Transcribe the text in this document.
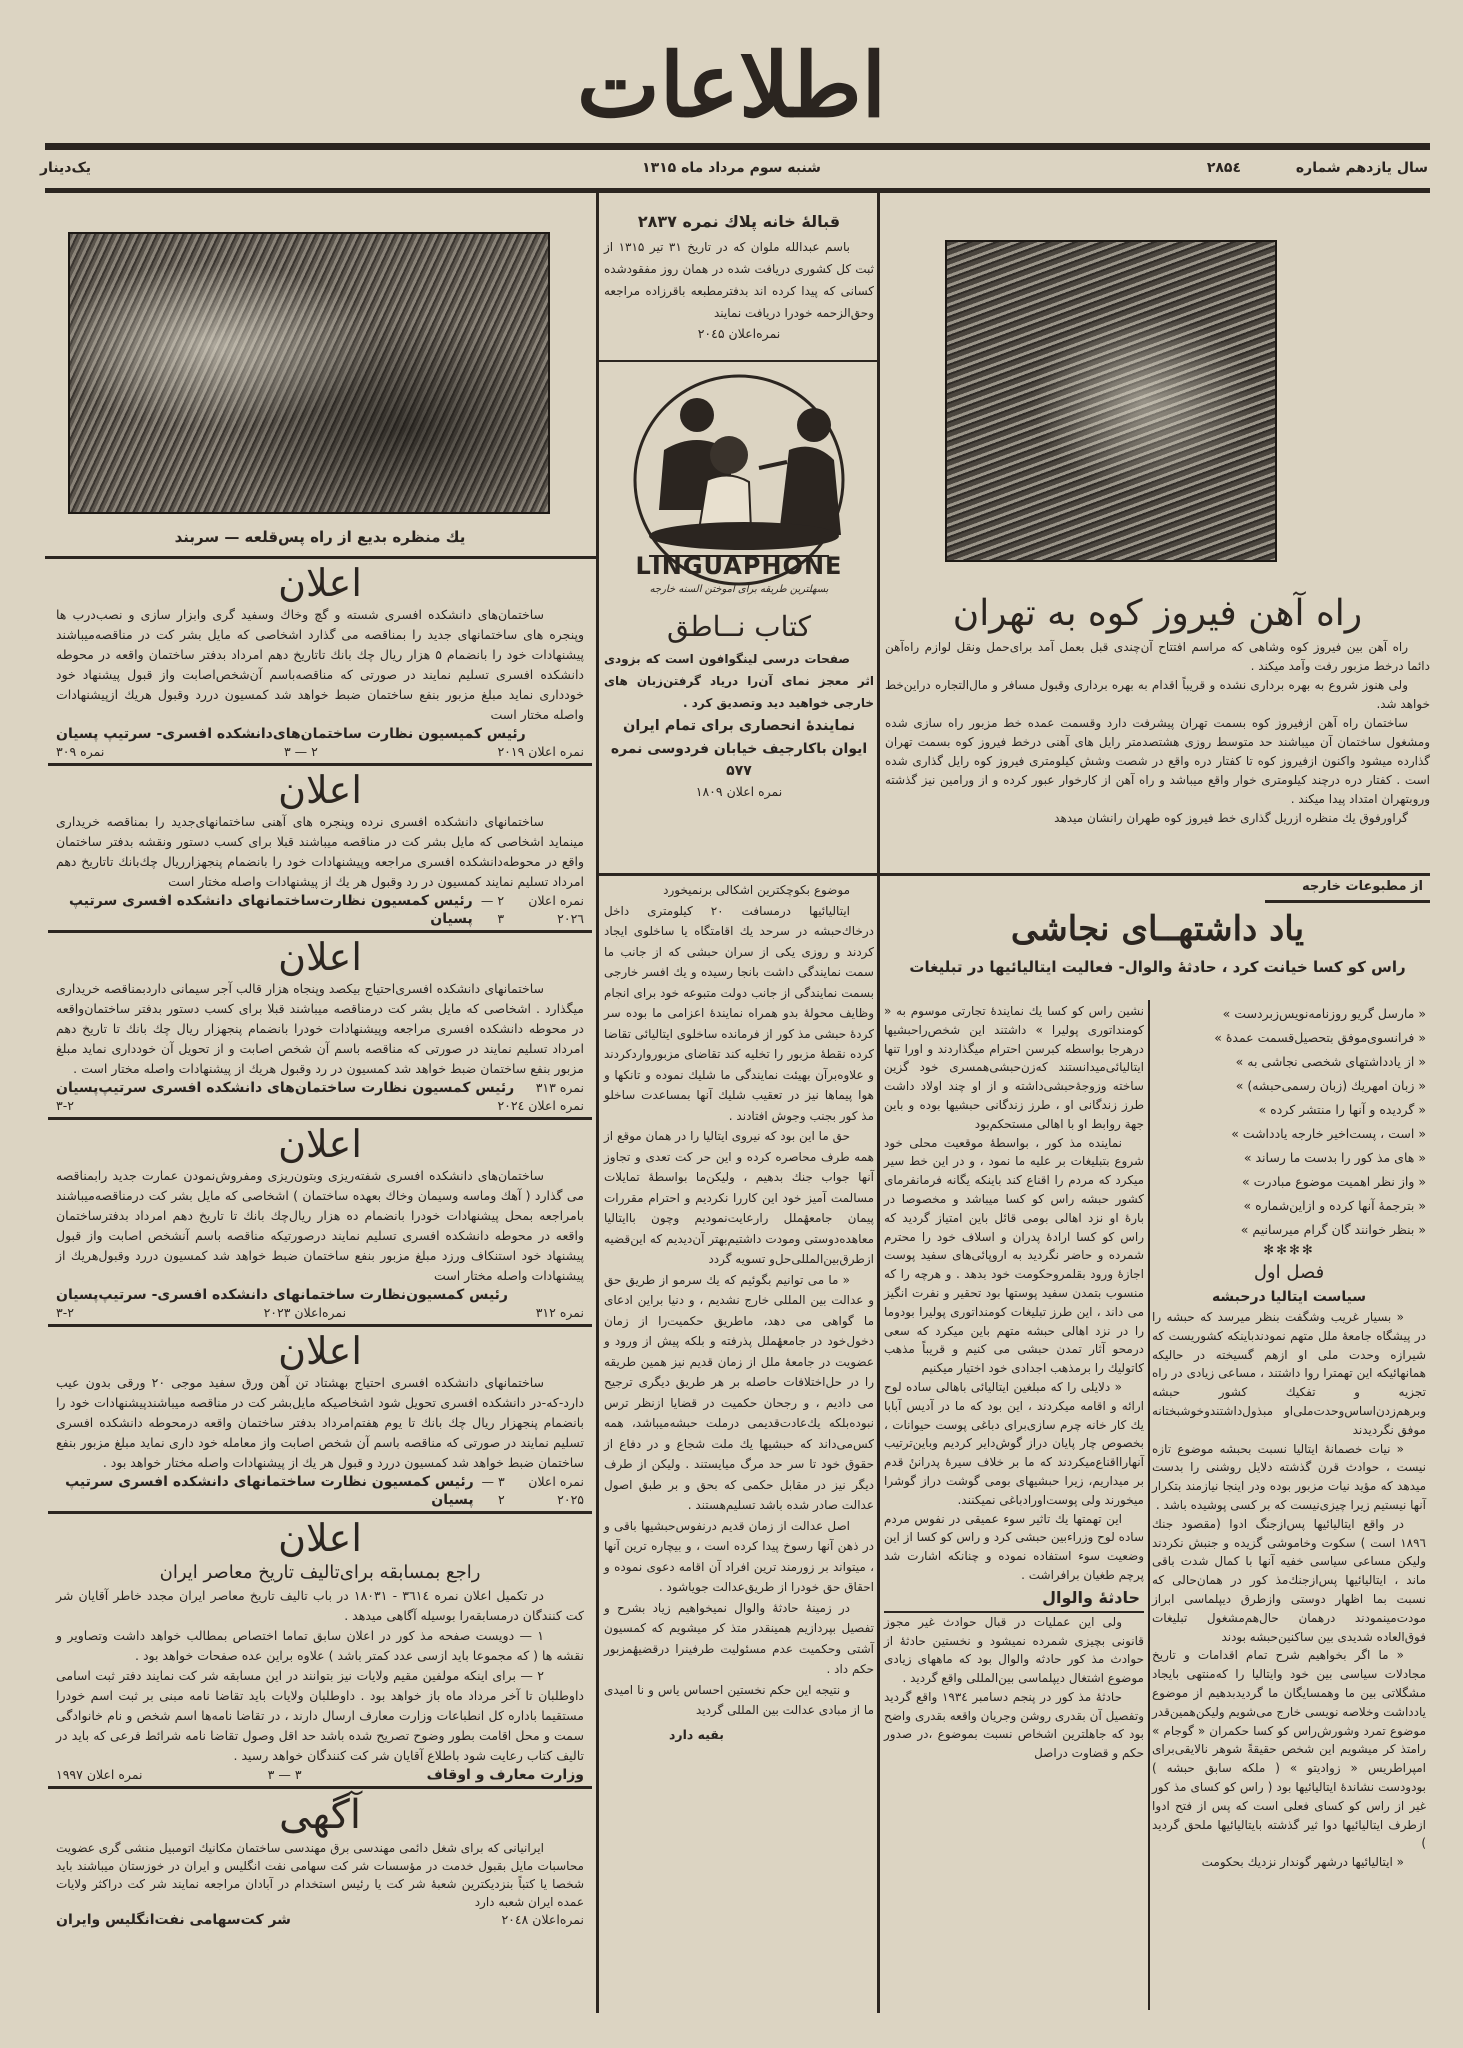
اطلاعات
سال یازدهم شماره ۲۸۵٤
شنبه سوم مرداد ماه ۱۳۱۵
یک‌دینار
یك منظره بدیع از راه پس‌قلعه — سربند
اعلان
ساختمان‌های دانشکده افسری شسته و گچ وخاك وسفید گری وابزار سازی و نصب‌درب ها وپنجره های ساختمانهای جدید را بمناقصه می گذارد اشخاصی که مایل بشر کت در مناقصه‌میباشند پیشنهادات خود را بانضمام ۵ هزار ریال چك بانك تاتاریخ دهم امرداد بدفتر ساختمان واقعه در محوطه دانشکده افسری تسلیم نمایند در صورتی که مناقصه‌باسم آن‌شخص‌اصابت واز قبول پیشنهاد خود خودداری نماید مبلغ مزبور بنفع ساختمان ضبط خواهد شد کمسیون دررد وقبول هریك ازپیشنهادات واصله مختار است
رئیس کمیسیون نظارت ساختمان‌های‌دانشکده افسری- سرتیپ پسیان
نمره اعلان ۲۰۱۹
۲ — ۳
نمره ۳۰۹
اعلان
ساختمانهای دانشکده افسری نرده وپنجره های آهنی ساختمانهای‌جدید را بمناقصه خریداری مینماید اشخاصی که مایل بشر کت در مناقصه میباشند قبلا برای کسب دستور ونقشه بدفتر ساختمان واقع در محوطه‌دانشکده افسری مراجعه وپیشنهادات خود را بانضمام پنجهزارریال چك‌بانك تاتاریخ دهم امرداد تسلیم نمایند کمسیون در رد وقبول هر یك از پیشنهادات واصله مختار است
نمره اعلان ۲۰۲٦
۲ — ۳
رئیس کمسیون نظارت‌ساختمانهای دانشکده افسری سرتیپ پسیان
اعلان
ساختمانهای دانشکده افسری‌احتیاج بیکصد وپنجاه هزار قالب آجر سیمانی داردبمناقصه خریداری میگذارد . اشخاصی که مایل بشر کت درمناقصه میباشند قبلا برای کسب دستور بدفتر ساختمان‌واقعه در محوطه دانشکده افسری مراجعه وپیشنهادات خودرا بانضمام پنجهزار ریال چك بانك تا تاریخ دهم امرداد تسلیم نمایند در صورتی که مناقصه باسم آن شخص اصابت و از تحویل آن خودداری نماید مبلغ مزبور بنفع ساختمان ضبط خواهد شد کمسیون در رد وقبول هریك از پیشنهادات واصله مختار است .
نمره ۳۱۳
رئیس کمسیون نظارت ساختمان‌های دانشکده افسری سرتیپ‌پسیان
نمره اعلان ۲۰۲٤
۳-۲
اعلان
ساختمان‌های دانشکده افسری شفته‌ریزی وبتون‌ریزی ومفروش‌نمودن عمارت جدید رابمناقصه می گذارد ( آهك وماسه وسیمان وخاك بعهده ساختمان ) اشخاصی که مایل بشر کت درمناقصه‌میباشند بامراجعه بمحل پیشنهادات خودرا بانضمام ده هزار ریال‌چك بانك تا تاریخ دهم امرداد بدفترساختمان واقعه در محوطه دانشکده افسری تسلیم نمایند درصورتیکه مناقصه باسم آنشخص اصابت واز قبول پیشنهاد خود استنکاف ورزد مبلغ مزبور بنفع ساختمان ضبط خواهد شد کمسیون دررد وقبول‌هریك از پیشنهادات واصله مختار است
رئیس کمسیون‌نظارت ساختمانهای دانشکده افسری- سرتیپ‌پسیان
نمره ۳۱۲
نمره‌اعلان ۲۰۲۳
۳-۲
اعلان
ساختمانهای دانشکده افسری احتیاج بهشتاد تن آهن ورق سفید موجی ۲۰ ورقی بدون عیب دارد-که-در دانشکده افسری تحویل شود اشخاصیکه مایل‌بشر کت در مناقصه میباشند‌پیشنهادات خود را بانضمام پنجهزار ریال چك بانك تا یوم هفتم‌امرداد بدفتر ساختمان واقعه درمحوطه دانشکده افسری تسلیم نمایند در صورتی که مناقصه باسم آن شخص اصابت واز معامله خود داری نماید مبلغ مزبور بنفع ساختمان ضبط خواهد شد کمسیون دررد و قبول هر یك از پیشنهادات واصله مختار خواهد بود .
نمره اعلان ۲۰۲۵
۳ — ۲
رئیس کمسیون نظارت ساختمانهای دانشکده افسری سرتیپ پسیان
اعلان
راجع بمسابقه برای‌تالیف تاریخ معاصر ایران
در تکمیل اعلان نمره ۳٦۱٤ - ۱۸۰۳۱ در باب تالیف تاریخ معاصر ایران مجدد خاطر آقایان شر کت کنندگان درمسابقه‌را بوسیله آگاهی میدهد .
۱ — دویست صفحه مذ کور در اعلان سابق تماما اختصاص بمطالب خواهد داشت وتصاویر و نقشه ها ( که مجموعا باید ازسی عدد کمتر باشد ) علاوه براین عده صفحات خواهد بود .
۲ — برای اینکه مولفین مقیم ولایات نیز بتوانند در این مسابقه شر کت نمایند دفتر ثبت اسامی داوطلبان تا آخر مرداد ماه باز خواهد بود . داوطلبان ولایات باید تقاضا نامه مبنی بر ثبت اسم خودرا مستقیما باداره کل انطباعات وزارت معارف ارسال دارند ، در تقاضا نامه‌ها اسم شخص و نام خانوادگی سمت و محل اقامت بطور وضوح تصریح شده باشد حد اقل وصول تقاضا نامه شرائط فرعی که باید در تالیف کتاب رعایت شود باطلاع آقایان شر کت کنندگان خواهد رسید .
وزارت معارف و اوقاف
۳ — ۳
نمره اعلان ۱۹۹۷
آگهی
ایرانیانی که برای شغل دائمی مهندسی برق مهندسی ساختمان مکانیك اتومبیل منشی گری عضویت محاسبات مایل بقبول خدمت در مؤسسات شر کت سهامی نفت انگلیس و ایران در خوزستان میباشند باید شخصا یا کتباً بنزدیکترین شعبهٔ شر کت یا رئیس استخدام در آبادان مراجعه نمایند شر کت دراکثر ولایات عمده ایران شعبه دارد
نمره‌اعلان ۲۰٤۸
شر کت‌سهامی نفت‌انگلیس وایران
قبالهٔ خانه پلاك نمره ۲۸۳۷

باسم عبدالله ملوان که در تاریخ ۳۱ تیر ۱۳۱۵ از ثبت کل کشوری دریافت شده در همان روز مفقودشده کسانی که پیدا کرده اند بدفترمطبعه باقرزاده مراجعه وحق‌الزحمه خودرا دریافت نمایند

نمره‌اعلان ۲۰٤۵
LINGUAPHONE
بسهلترین طریقه برای آموختن السنه خارجه
کتاب نــاطق

صفحات درسی لینگوافون است که بزودی اثر معجز نمای آن‌را دریاد گرفتن‌زبان های خارجی خواهید دید وتصدیق کرد .

نمایندهٔ انحصاری برای تمام ایران
ایوان باکارجیف خیابان فردوسی نمره ۵۷۷
نمره اعلان ۱۸۰۹

موضوع بکوچکترین اشکالی برنمیخورد

ایتالیائیها درمسافت ۲۰ کیلومتری داخل درخاك‌حبشه در سرحد یك اقامتگاه یا ساخلوی ایجاد کردند و روزی یکی از سران حبشی که از جانب ما سمت نمایندگی داشت بانجا رسیده و یك افسر خارجی بسمت نمایندگی از جانب دولت متبوعه خود برای انجام وظایف محولهٔ بدو همراه نمایندهٔ اعزامی ما بوده سر کردهٔ حبشی مذ کور از فرمانده ساخلوی ایتالیائی تقاضا کرده نقطهٔ مزبور را تخلیه کند تقاضای مزبورواردکردند و علاوه‌برآن بهیئت نمایندگی ما شلیك نموده و تانکها و هوا پیماها نیز در تعقیب شلیك آنها بمساعدت ساخلو مذ کور بجنب وجوش افتادند .

حق ما این بود که نیروی ایتالیا را در همان موقع از همه طرف محاصره کرده و این حر کت تعدی و تجاوز آنها جواب جنك بدهیم ، ولیکن‌ما بواسطهٔ تمایلات مسالمت آمیز خود این کاررا نکردیم و احترام مقررات پیمان جامعهٔملل رارعایت‌نمودیم وچون باایتالیا معاهده‌دوستی ومودت داشتیم‌بهتر آن‌دیدیم که این‌قضیه ازطرق‌بین‌المللی‌حل‌و تسویه گردد

« ما می توانیم بگوئیم که یك سرمو از طریق حق و عدالت بین المللی خارج نشدیم ، و دنیا براین ادعای ما گواهی می دهد، ماطریق حکمیت‌را از زمان دخول‌خود در جامعهٔملل پذرفته و بلکه پیش از ورود و عضویت در جامعهٔ ملل از زمان قدیم نیز همین طریقه را در حل‌اختلافات حاصله بر هر طریق دیگری ترجیح می دادیم ، و رجحان حکمیت در قضایا ازنظر ترس نبوده‌بلکه یك‌عادت‌قدیمی درملت حبشه‌میباشد، همه کس‌می‌داند که حبشیها یك ملت شجاع و در دفاع از حقوق خود تا سر حد مرگ میایستند . ولیکن از طرف دیگر نیز در مقابل حکمی که بحق و بر طبق اصول عدالت صادر شده باشد تسلیم‌هستند .

اصل عدالت از زمان قدیم درنفوس‌حبشیها باقی و در ذهن آنها رسوخ پیدا کرده است ، و بیچاره ترین آنها ، میتواند بر زورمند ترین افراد آن اقامه دعوی نموده و احقاق حق خودرا از طریق‌عدالت جویاشود .

در زمینهٔ حادثهٔ والوال نمیخواهیم زیاد بشرح و تفصیل بپردازیم همینقدر متذ کر میشویم که کمسیون آشتی وحکمیت عدم مسئولیت طرفینرا درقضیهٔمزبور حکم داد .

و نتیجه این حکم نخستین احساس یاس و نا امیدی ما از مبادی عدالت بین المللی گردید

بقیه دارد
راه آهن فیروز کوه به تهران

راه آهن بین فیروز کوه وشاهی که مراسم افتتاح آن‌چندی قبل بعمل آمد برای‌حمل ونقل لوازم راه‌آهن دائما درخط مزبور رفت وآمد میکند .

ولی هنوز شروع به بهره برداری نشده و قریباً اقدام به بهره برداری وقبول مسافر و مال‌التجاره دراین‌خط خواهد شد.

ساختمان راه آهن ازفیروز کوه بسمت تهران پیشرفت دارد وقسمت عمده خط مزبور راه سازی شده ومشغول ساختمان آن میباشند حد متوسط روزی هشتصدمتر رایل های آهنی درخط فیروز کوه بسمت تهران گذارده میشود واکنون ازفیروز کوه تا کفتار دره واقع در شصت وشش کیلومتری فیروز کوه رایل گذاری شده است . کفتار دره درچند کیلومتری خوار واقع میباشد و راه آهن از کارخوار عبور کرده و از ورامین نیز گذشته وروبتهران امتداد پیدا میکند .

گراورفوق یك منظره ازریل گذاری خط فیروز کوه طهران رانشان میدهد

از مطبوعات خارجه
یاد داشتهــای نجاشی
راس کو کسا خیانت کرد ، حادثهٔ والوال- فعالیت ایتالیائیها در تبلیغات
« مارسل گریو روزنامه‌نویس‌زبردست »
« فرانسوی‌موفق بتحصیل‌قسمت عمدهٔ »
« از یادداشتهای شخصی نجاشی به »
« زبان امهریك (زبان رسمی‌حبشه) »
« گردیده و آنها را منتشر کرده »
« است ، پست‌اخیر خارجه یادداشت »
« های مذ کور را بدست ما رساند »
« واز نظر اهمیت موضوع مبادرت »
« بترجمهٔ آنها کرده و ازاین‌شماره »
« بنظر خوانند گان گرام میرسانیم »
✻✻✻✻
فصل اول
سیاست ایتالیا درحبشه

« بسیار غریب وشگفت بنظر میرسد که حبشه را در پیشگاه جامعهٔ ملل متهم نمودندباینکه کشوریست که شیرازه وحدت ملی او ازهم گسیخته در حالیکه همانهائیکه این تهمترا روا داشتند ، مساعی زیادی در راه تجزیه و تفکیك کشور حبشه وبرهم‌زدن‌اساس‌وحدت‌ملی‌او مبذول‌داشتندوخوشبختانه موفق نگردیدند

« نیات خصمانهٔ ایتالیا نسبت بحبشه موضوع تازه نیست ، حوادث قرن گذشته دلایل روشنی را بدست میدهد که مؤید نیات مزبور بوده ودر اینجا نیازمند بتکرار آنها نیستیم زیرا چیزی‌نیست که بر کسی پوشیده باشد .

در واقع ایتالیائیها پس‌ازجنگ ادوا (مقصود جنك ۱۸۹٦ است ) سکوت وخاموشی گزیده و جنبش نکردند ولیکن مساعی سیاسی خفیه آنها با کمال شدت باقی ماند ، ایتالیائیها پس‌ازجنك‌مذ کور در همان‌حالی که نسبت بما اظهار دوستی وازطرق دیپلماسی ابراز مودت‌مینمودند درهمان حال‌هم‌مشغول تبلیغات فوق‌العاده شدیدی بین ساکنین‌حبشه بودند

« ما اگر بخواهیم شرح تمام اقدامات و تاریخ مجادلات سیاسی بین خود وایتالیا را که‌منتهی بایجاد مشگلاتی بین ما وهمسایگان ما گردیدبدهیم از موضوع یادداشت وخلاصه نویسی خارج می‌شویم ولیکن‌همین‌قدر موضوع تمرد وشورش‌راس کو کسا حکمران « گوجام » رامتذ کر میشویم این شخص حقیقةً شوهر نالایقی‌برای امپراطریس « زوادیتو » ( ملکه سابق حبشه ) بودودست نشاندهٔ ایتالیائیها بود ( راس کو کسای مذ کور غیر از راس کو کسای فعلی است که پس از فتح ادوا ازطرف ایتالیائیها دوا ثیر گذشته بایتالیائیها ملحق گردید )

« ایتالیائیها درشهر گوندار نزدیك بحکومت

نشین راس کو کسا یك نمایندهٔ تجارتی موسوم به « کومنداتوری پولیرا » داشتند این شخص‌راحبشیها درهرجا بواسطه کبرسن احترام میگذاردند و اورا تنها ایتالیائی‌میدانستند که‌زن‌حبشی‌همسری خود گزین ساخته وزوجهٔ‌حبشی‌داشته و از او چند اولاد داشت طرز زندگانی او ، طرز زندگانی حبشیها بوده و باین جهة روابط او با اهالی مستحکم‌بود

نماینده مذ کور ، بواسطهٔ موقعیت محلی خود شروع بتبلیغات بر علیه ما نمود ، و در این خط سیر میکرد که مردم را اقناع کند باینکه یگانه فرمانفرمای کشور حبشه راس کو کسا میباشد و مخصوصا در بارهٔ او نزد اهالی بومی قائل باین امتیاز گردید که راس کو کسا ارادهٔ پدران و اسلاف خود را محترم شمرده و حاضر نگردید به اروپائی‌های سفید پوست اجازهٔ ورود بقلمروحکومت خود بدهد . و هرچه را که منسوب بتمدن سفید پوستها بود تحقیر و نفرت انگیز می داند ، این طرز تبلیغات کومنداتوری پولیرا بودوما را در نزد اهالی حبشه متهم باین میکرد که سعی درمحو آثار تمدن حبشی می کنیم و قریباً مذهب کاتولیك را برمذهب اجدادی خود اختیار میکنیم

« دلایلی را که مبلغین ایتالیائی باهالی ساده لوح ارائه و اقامه میکردند ، این بود که ما در آدیس آبابا یك کار خانه چرم سازی‌برای دباغی پوست حیوانات ، بخصوص چار پایان دراز گوش‌دایر کردیم وباین‌ترتیب آنهارااقناع‌میکردند که ما بر خلاف سیرهٔ پدراننٔ قدم بر میداریم، زیرا حبشیهای بومی گوشت دراز گوشرا میخورند ولی پوست‌اورادباغی نمیکنند.

این تهمتها یك تاثیر سوء عمیقی در نفوس مردم ساده لوح وزراءبین حبشی کرد و راس کو کسا از این وضعیت سوء استفاده نموده و چنانکه اشارت شد پرچم طغیان برافراشت .

حادثهٔ والوال

ولی این عملیات در قبال حوادث غیر مجوز قانونی بچیزی شمرده نمیشود و نخستین حادثهٔ از حوادث مذ کور حادثه والوال بود که ماههای زیادی موضوع اشتغال دیپلماسی بین‌المللی واقع گردید .

حادثهٔ مذ کور در پنجم دسامبر ۱۹۳٤ واقع گردید وتفصیل آن بقدری روشن وجریان واقعه بقدری واضح بود که جاهلترین اشخاص نسبت بموضوع ،در صدور حکم و قضاوت دراصل
